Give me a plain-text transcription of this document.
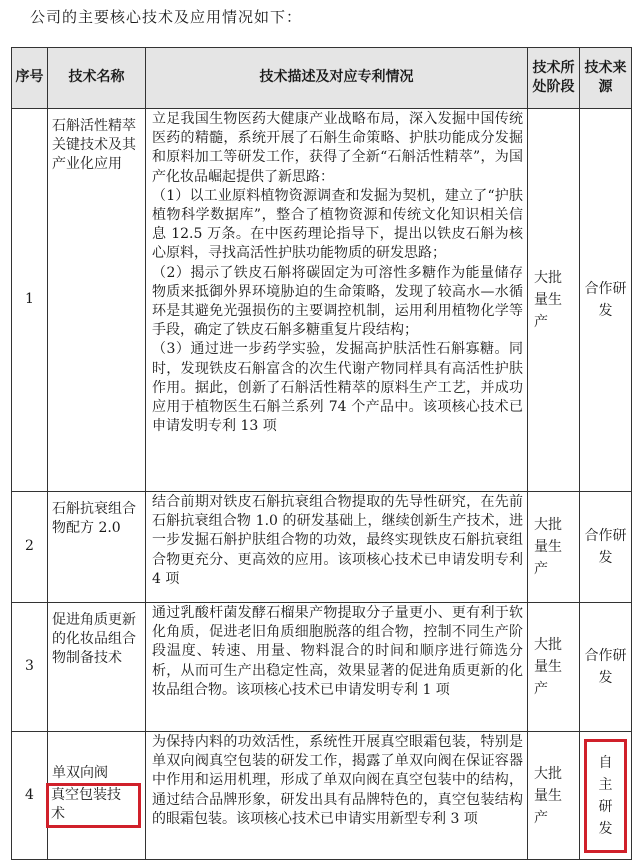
公司的主要核心技术及应用情况如下：
序号	技术名称	技术描述及对应专利情况	技术所处阶段	技术来源
1	石斛活性精萃关键技术及其产业化应用	立足我国生物医药大健康产业战略布局，深入发掘中国传统医药的精髓，系统开展了石斛生命策略、护肤功能成分发掘和原料加工等研发工作，获得了全新“石斛活性精萃”，为国产化妆品崛起提供了新思路：

（1）以工业原料植物资源调查和发掘为契机，建立了“护肤植物科学数据库”，整合了植物资源和传统文化知识相关信息 12.5 万条。在中医药理论指导下，提出以铁皮石斛为核心原料，寻找高活性护肤功能物质的研发思路；

（2）揭示了铁皮石斛将碳固定为可溶性多糖作为能量储存物质来抵御外界环境胁迫的生命策略，发现了较高水—水循环是其避免光强损伤的主要调控机制，运用利用植物化学等手段，确定了铁皮石斛多糖重复片段结构；

（3）通过进一步药学实验，发掘高护肤活性石斛寡糖。同时，发现铁皮石斛富含的次生代谢产物同样具有高活性护肤作用。据此，创新了石斛活性精萃的原料生产工艺，并成功应用于植物医生石斛兰系列 74 个产品中。该项核心技术已申请发明专利 13 项	大批量生产	合作研发
2	石斛抗衰组合物配方 2.0	结合前期对铁皮石斛抗衰组合物提取的先导性研究，在先前石斛抗衰组合物 1.0 的研发基础上，继续创新生产技术，进一步发掘石斛护肤组合物的功效，最终实现铁皮石斛抗衰组合物更充分、更高效的应用。该项核心技术已申请发明专利 4 项	大批量生产	合作研发
3	促进角质更新的化妆品组合物制备技术	通过乳酸杆菌发酵石榴果产物提取分子量更小、更有利于软化角质，促进老旧角质细胞脱落的组合物，控制不同生产阶段温度、转速、用量、物料混合的时间和顺序进行筛选分析，从而可生产出稳定性高，效果显著的促进角质更新的化妆品组合物。该项核心技术已申请发明专利 1 项	大批量生产	合作研发
4	单双向阀
真空包装技术	为保持内料的功效活性，系统性开展真空眼霜包装，特别是单双向阀真空包装的研发工作，揭露了单双向阀在保证容器中作用和运用机理，形成了单双向阀在真空包装中的结构，通过结合品牌形象，研发出具有品牌特色的，真空包装结构的眼霜包装。该项核心技术已申请实用新型专利 3 项	大批量生产	自主研发
